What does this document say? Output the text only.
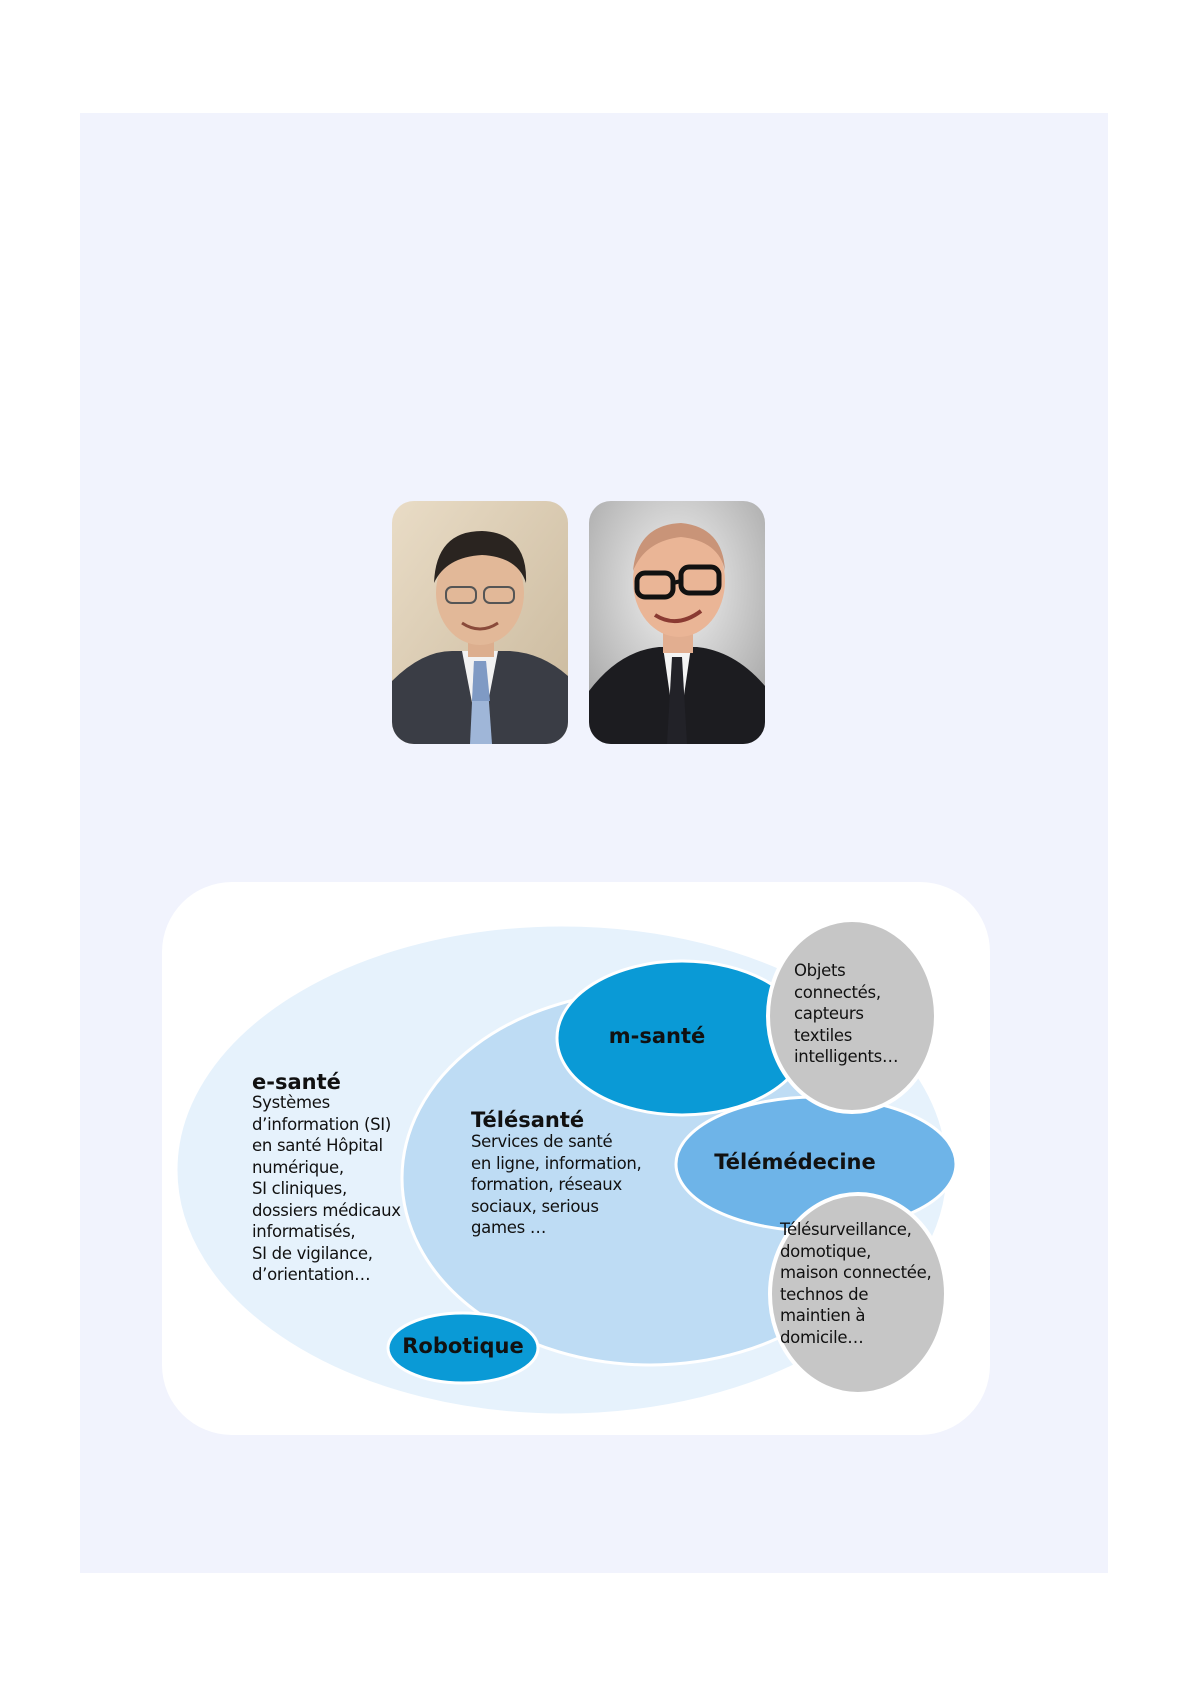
e-santé
Systèmes
d’information (SI)
en santé Hôpital
numérique,
SI cliniques,
dossiers médicaux
informatisés,
SI de vigilance,
d’orientation…
Télésanté
Services de santé
en ligne, information,
formation, réseaux
sociaux, serious
games …
m-santé
Télémédecine
Robotique
Objets
connectés,
capteurs
textiles
intelligents…
Télésurveillance,
domotique,
maison connectée,
technos de
maintien à
domicile…
